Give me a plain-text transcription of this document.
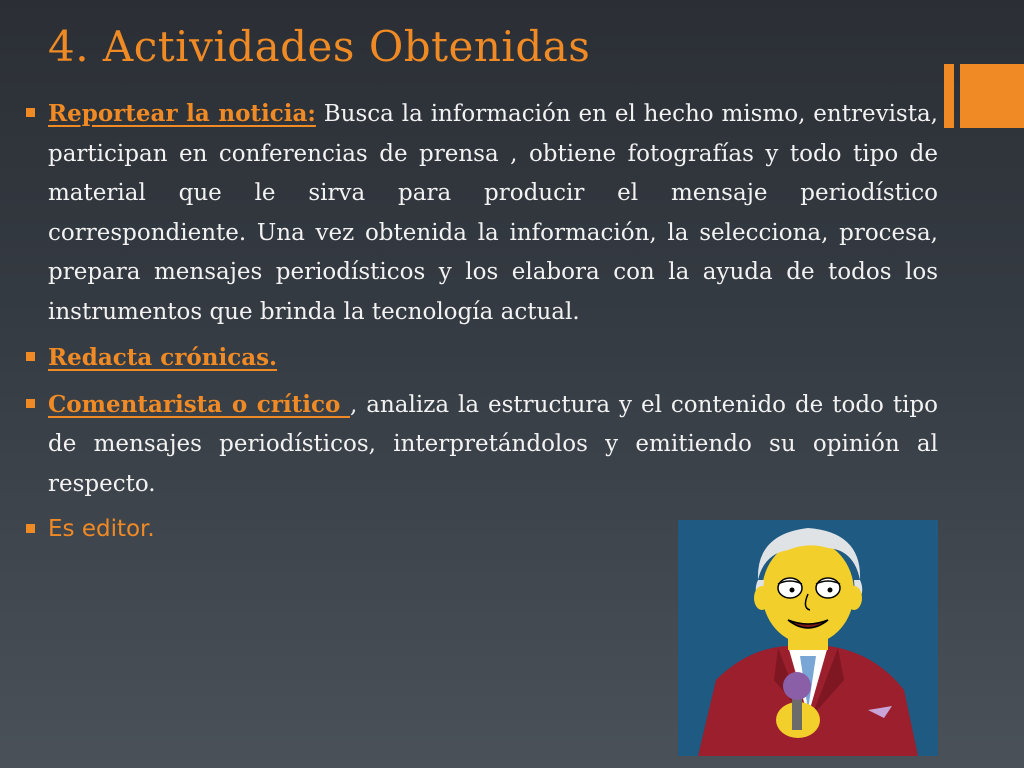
4. Actividades Obtenidas
Reportear la noticia: Busca la información en el hecho mismo, entrevista, participan en conferencias de prensa , obtiene fotografías y todo tipo de material que le sirva para producir el mensaje periodístico correspondiente. Una vez obtenida la información, la selecciona, procesa, prepara mensajes periodísticos y los elabora con la ayuda de todos los instrumentos que brinda la tecnología actual.
Redacta crónicas.
Comentarista o crítico , analiza la estructura y el contenido de todo tipo de mensajes periodísticos, interpretándolos y emitiendo su opinión al respecto.
Es editor.
